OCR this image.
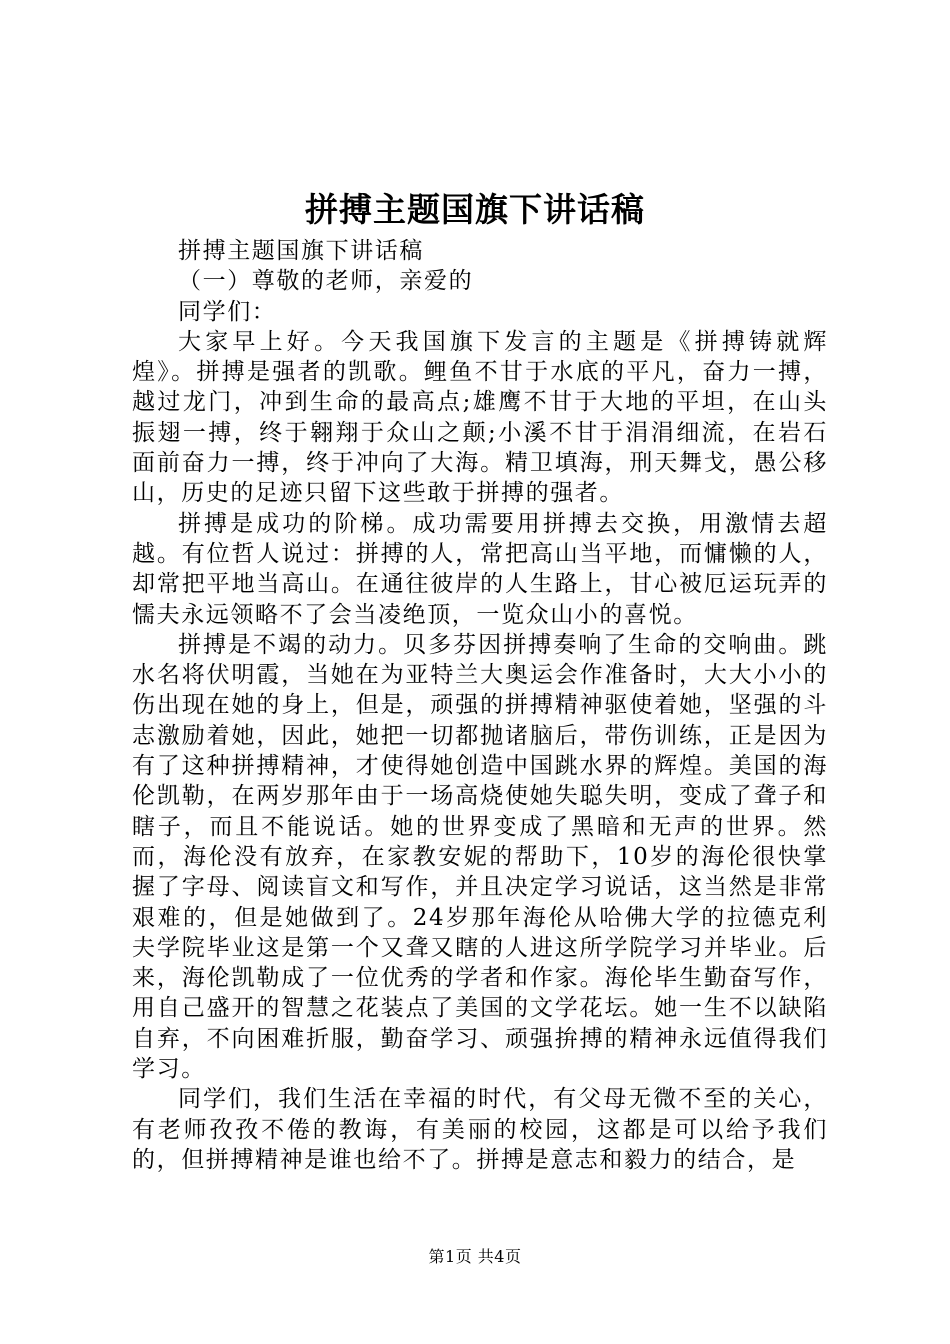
拼搏主题国旗下讲话稿

拼搏主题国旗下讲话稿

（一）尊敬的老师，亲爱的

同学们：

大家早上好。今天我国旗下发言的主题是《拼搏铸就辉煌》。拼搏是强者的凯歌。鲤鱼不甘于水底的平凡，奋力一搏，越过龙门，冲到生命的最高点;雄鹰不甘于大地的平坦，在山头振翅一搏，终于翱翔于众山之颠;小溪不甘于涓涓细流，在岩石面前奋力一搏，终于冲向了大海。精卫填海，刑天舞戈，愚公移山，历史的足迹只留下这些敢于拼搏的强者。

拼搏是成功的阶梯。成功需要用拼搏去交换，用激情去超越。有位哲人说过：拼搏的人，常把高山当平地，而慵懒的人，却常把平地当高山。在通往彼岸的人生路上，甘心被厄运玩弄的懦夫永远领略不了会当凌绝顶，一览众山小的喜悦。

拼搏是不竭的动力。贝多芬因拼搏奏响了生命的交响曲。跳水名将伏明霞，当她在为亚特兰大奥运会作准备时，大大小小的伤出现在她的身上，但是，顽强的拼搏精神驱使着她，坚强的斗志激励着她，因此，她把一切都抛诸脑后，带伤训练，正是因为有了这种拼搏精神，才使得她创造中国跳水界的辉煌。美国的海伦凯勒，在两岁那年由于一场高烧使她失聪失明，变成了聋子和瞎子，而且不能说话。她的世界变成了黑暗和无声的世界。然而，海伦没有放弃，在家教安妮的帮助下，10岁的海伦很快掌握了字母、阅读盲文和写作，并且决定学习说话，这当然是非常艰难的，但是她做到了。24岁那年海伦从哈佛大学的拉德克利夫学院毕业这是第一个又聋又瞎的人进这所学院学习并毕业。后来，海伦凯勒成了一位优秀的学者和作家。海伦毕生勤奋写作，用自己盛开的智慧之花装点了美国的文学花坛。她一生不以缺陷自弃，不向困难折服，勤奋学习、顽强拚搏的精神永远值得我们学习。

同学们，我们生活在幸福的时代，有父母无微不至的关心，有老师孜孜不倦的教诲，有美丽的校园，这都是可以给予我们的，但拼搏精神是谁也给不了。拼搏是意志和毅力的结合，是

第1页 共4页
